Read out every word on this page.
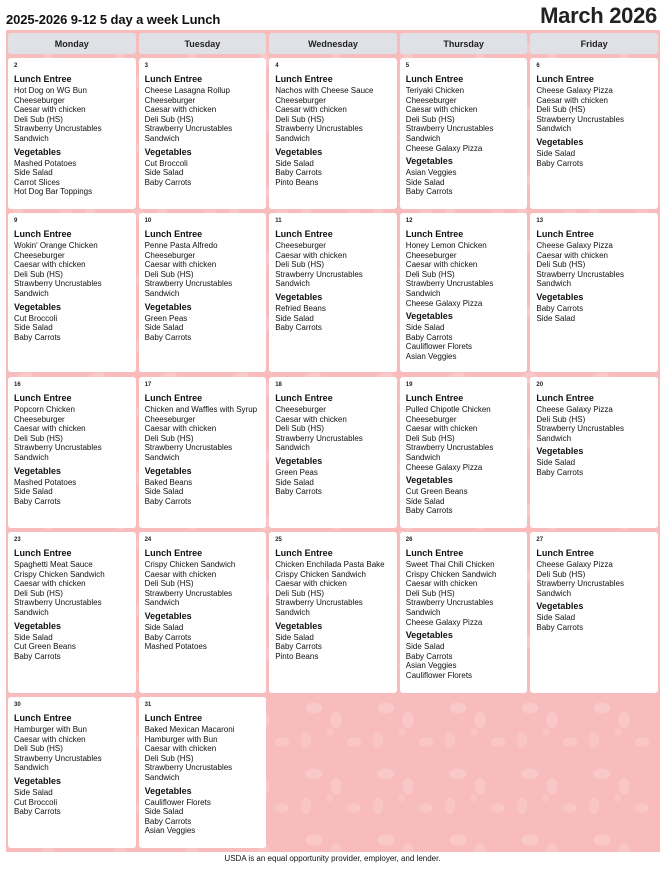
2025-2026 9-12 5 day a week Lunch	March 2026
Monday	Tuesday	Wednesday	Thursday	Friday
2
Lunch Entree
Hot Dog on WG Bun
Cheeseburger
Caesar with chicken
Deli Sub (HS)
Strawberry Uncrustables
Sandwich
Vegetables
Mashed Potatoes
Side Salad
Carrot Slices
Hot Dog Bar Toppings
3
Lunch Entree
Cheese Lasagna Rollup
Cheeseburger
Caesar with chicken
Deli Sub (HS)
Strawberry Uncrustables
Sandwich
Vegetables
Cut Broccoli
Side Salad
Baby Carrots
4
Lunch Entree
Nachos with Cheese Sauce
Cheeseburger
Caesar with chicken
Deli Sub (HS)
Strawberry Uncrustables
Sandwich
Vegetables
Side Salad
Baby Carrots
Pinto Beans
5
Lunch Entree
Teriyaki Chicken
Cheeseburger
Caesar with chicken
Deli Sub (HS)
Strawberry Uncrustables
Sandwich
Cheese Galaxy Pizza
Vegetables
Asian Veggies
Side Salad
Baby Carrots
6
Lunch Entree
Cheese Galaxy Pizza
Caesar with chicken
Deli Sub (HS)
Strawberry Uncrustables
Sandwich
Vegetables
Side Salad
Baby Carrots
9
Lunch Entree
Wokin' Orange Chicken
Cheeseburger
Caesar with chicken
Deli Sub (HS)
Strawberry Uncrustables
Sandwich
Vegetables
Cut Broccoli
Side Salad
Baby Carrots
10
Lunch Entree
Penne Pasta Alfredo
Cheeseburger
Caesar with chicken
Deli Sub (HS)
Strawberry Uncrustables
Sandwich
Vegetables
Green Peas
Side Salad
Baby Carrots
11
Lunch Entree
Cheeseburger
Caesar with chicken
Deli Sub (HS)
Strawberry Uncrustables
Sandwich
Vegetables
Refried Beans
Side Salad
Baby Carrots
12
Lunch Entree
Honey Lemon Chicken
Cheeseburger
Caesar with chicken
Deli Sub (HS)
Strawberry Uncrustables
Sandwich
Cheese Galaxy Pizza
Vegetables
Side Salad
Baby Carrots
Cauliflower Florets
Asian Veggies
13
Lunch Entree
Cheese Galaxy Pizza
Caesar with chicken
Deli Sub (HS)
Strawberry Uncrustables
Sandwich
Vegetables
Baby Carrots
Side Salad
16
Lunch Entree
Popcorn Chicken
Cheeseburger
Caesar with chicken
Deli Sub (HS)
Strawberry Uncrustables
Sandwich
Vegetables
Mashed Potatoes
Side Salad
Baby Carrots
17
Lunch Entree
Chicken and Waffles with Syrup
Cheeseburger
Caesar with chicken
Deli Sub (HS)
Strawberry Uncrustables
Sandwich
Vegetables
Baked Beans
Side Salad
Baby Carrots
18
Lunch Entree
Cheeseburger
Caesar with chicken
Deli Sub (HS)
Strawberry Uncrustables
Sandwich
Vegetables
Green Peas
Side Salad
Baby Carrots
19
Lunch Entree
Pulled Chipotle Chicken
Cheeseburger
Caesar with chicken
Deli Sub (HS)
Strawberry Uncrustables
Sandwich
Cheese Galaxy Pizza
Vegetables
Cut Green Beans
Side Salad
Baby Carrots
20
Lunch Entree
Cheese Galaxy Pizza
Deli Sub (HS)
Strawberry Uncrustables
Sandwich
Vegetables
Side Salad
Baby Carrots
23
Lunch Entree
Spaghetti Meat Sauce
Crispy Chicken Sandwich
Caesar with chicken
Deli Sub (HS)
Strawberry Uncrustables
Sandwich
Vegetables
Side Salad
Cut Green Beans
Baby Carrots
24
Lunch Entree
Crispy Chicken Sandwich
Caesar with chicken
Deli Sub (HS)
Strawberry Uncrustables
Sandwich
Vegetables
Side Salad
Baby Carrots
Mashed Potatoes
25
Lunch Entree
Chicken Enchilada Pasta Bake
Crispy Chicken Sandwich
Caesar with chicken
Deli Sub (HS)
Strawberry Uncrustables
Sandwich
Vegetables
Side Salad
Baby Carrots
Pinto Beans
26
Lunch Entree
Sweet Thai Chili Chicken
Crispy Chicken Sandwich
Caesar with chicken
Deli Sub (HS)
Strawberry Uncrustables
Sandwich
Cheese Galaxy Pizza
Vegetables
Side Salad
Baby Carrots
Asian Veggies
Cauliflower Florets
27
Lunch Entree
Cheese Galaxy Pizza
Deli Sub (HS)
Strawberry Uncrustables
Sandwich
Vegetables
Side Salad
Baby Carrots
30
Lunch Entree
Hamburger with Bun
Caesar with chicken
Deli Sub (HS)
Strawberry Uncrustables
Sandwich
Vegetables
Side Salad
Cut Broccoli
Baby Carrots
31
Lunch Entree
Baked Mexican Macaroni
Hamburger with Bun
Caesar with chicken
Deli Sub (HS)
Strawberry Uncrustables
Sandwich
Vegetables
Cauliflower Florets
Side Salad
Baby Carrots
Asian Veggies
USDA is an equal opportunity provider, employer, and lender.
